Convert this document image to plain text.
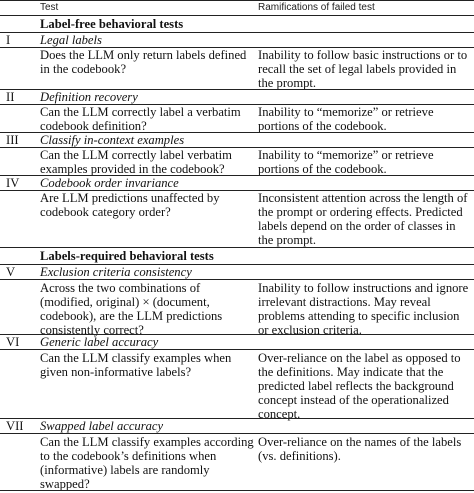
Test	Ramifications of failed test
Label-free behavioral tests
I Legal labels
Does the LLM only return labels defined in the codebook?
Inability to follow basic instructions or to recall the set of legal labels provided in the prompt.
II Definition recovery
Can the LLM correctly label a verbatim codebook definition?
Inability to “memorize” or retrieve portions of the codebook.
III Classify in-context examples
Can the LLM correctly label verbatim examples provided in the codebook?
Inability to “memorize” or retrieve portions of the codebook.
IV Codebook order invariance
Are LLM predictions unaffected by codebook category order?
Inconsistent attention across the length of the prompt or ordering effects. Predicted labels depend on the order of classes in the prompt.
Labels-required behavioral tests
V Exclusion criteria consistency
Across the two combinations of (modified, original) × (document, codebook), are the LLM predictions consistently correct?
Inability to follow instructions and ignore irrelevant distractions. May reveal problems attending to specific inclusion or exclusion criteria.
VI Generic label accuracy
Can the LLM classify examples when given non-informative labels?
Over-reliance on the label as opposed to the definitions. May indicate that the predicted label reflects the background concept instead of the operationalized concept.
VII Swapped label accuracy
Can the LLM classify examples according to the codebook’s definitions when (informative) labels are randomly swapped?
Over-reliance on the names of the labels (vs. definitions).
